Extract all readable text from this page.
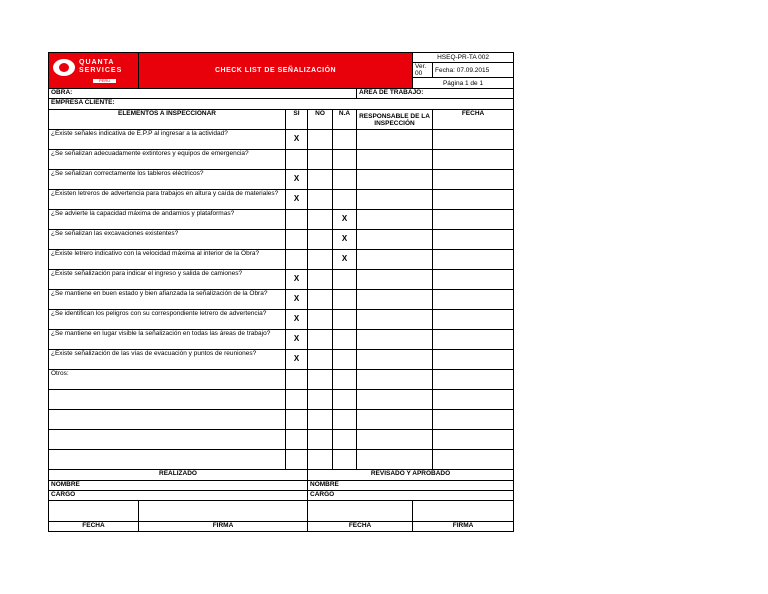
QUANTA
SERVICES
PERU	CHECK LIST DE SEÑALIZACIÓN					HSEQ-PR-TA 002	
						Ver. 00	Fecha: 07.09.2015
						Página 1 de 1	
OBRA:					ÁREA DE TRABAJO:		
EMPRESA CLIENTE:							
ELEMENTOS A INSPECCIONAR		SI	NO	N.A	RESPONSABLE DE LA INSPECCIÓN		FECHA
¿Existe señales indicativa de E.P.P al ingresar a la actividad?		X					
¿Se señalizan adecuadamente extintores y equipos de emergencia?							
¿Se señalizan correctamente los tableros eléctricos?		X					
¿Existen letreros de advertencia para trabajos en altura y caída de materiales?		X					
¿Se advierte la capacidad máxima de andamios y plataformas?				X			
¿Se señalizan las excavaciones existentes?				X			
¿Existe letrero indicativo con la velocidad máxima al interior de la Obra?				X			
¿Existe señalización para indicar el ingreso y salida de camiones?		X					
¿Se mantiene en buen estado y bien afianzada la señalización de la Obra?		X					
¿Se identifican los peligros con su correspondiente letrero de advertencia?		X					
¿Se mantiene en lugar visible la señalización en todas las áreas de trabajo?		X					
¿Existe señalización de las vías de evacuación y puntos de reuniones?		X					
Otros:							

REALIZADO			REVISADO Y APROBADO				
NOMBRE			NOMBRE				
CARGO			CARGO				

FECHA	FIRMA		FECHA			FIRMA	
